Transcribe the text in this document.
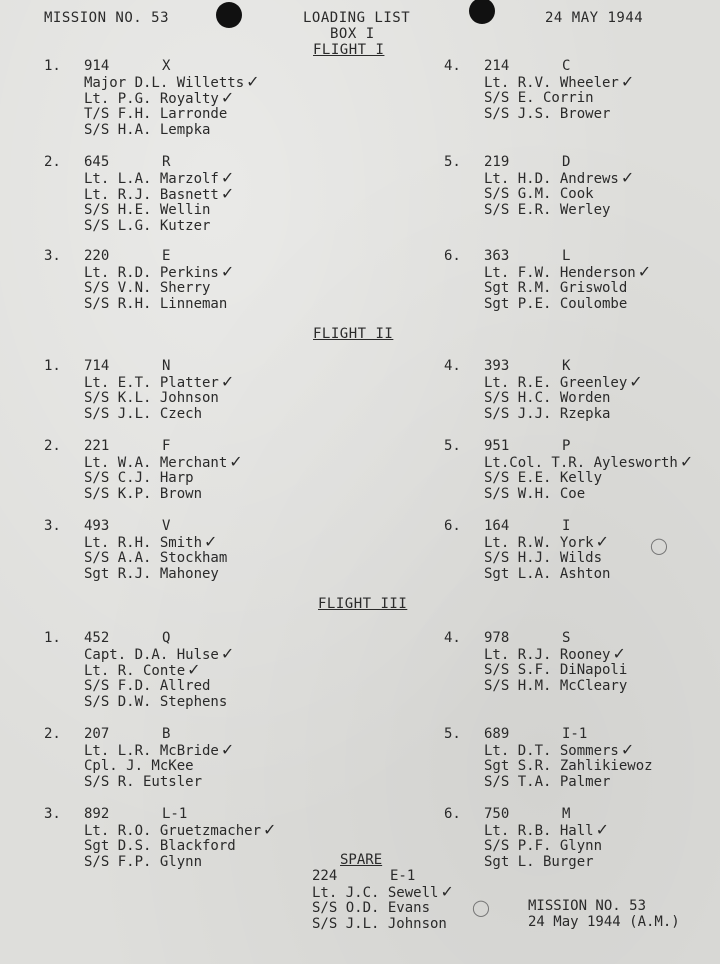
MISSION NO. 53	LOADING LIST
BOX I
24 MAY 1944
FLIGHT I
FLIGHT II
FLIGHT III
1.	914	X
Major D.L. Willetts ✓
Lt. P.G. Royalty ✓
T/S F.H. Larronde
S/S H.A. Lempka
2.	645	R
Lt. L.A. Marzolf ✓
Lt. R.J. Basnett ✓
S/S H.E. Wellin
S/S L.G. Kutzer
3.	220	E
Lt. R.D. Perkins ✓
S/S V.N. Sherry
S/S R.H. Linneman
4.	214	C
Lt. R.V. Wheeler ✓
S/S E. Corrin
S/S J.S. Brower
5.	219	D
Lt. H.D. Andrews ✓
S/S G.M. Cook
S/S E.R. Werley
6.	363	L
Lt. F.W. Henderson ✓
Sgt R.M. Griswold
Sgt P.E. Coulombe
1.	714	N
Lt. E.T. Platter ✓
S/S K.L. Johnson
S/S J.L. Czech
2.	221	F
Lt. W.A. Merchant ✓
S/S C.J. Harp
S/S K.P. Brown
3.	493	V
Lt. R.H. Smith ✓
S/S A.A. Stockham
Sgt R.J. Mahoney
4.	393	K
Lt. R.E. Greenley ✓
S/S H.C. Worden
S/S J.J. Rzepka
5.	951	P
Lt.Col. T.R. Aylesworth ✓
S/S E.E. Kelly
S/S W.H. Coe
6.	164	I
Lt. R.W. York ✓
S/S H.J. Wilds
Sgt L.A. Ashton
1.	452	Q
Capt. D.A. Hulse ✓
Lt. R. Conte ✓
S/S F.D. Allred
S/S D.W. Stephens
2.	207	B
Lt. L.R. McBride ✓
Cpl. J. McKee
S/S R. Eutsler
3.	892	L-1
Lt. R.O. Gruetzmacher ✓
Sgt D.S. Blackford
S/S F.P. Glynn
4.	978	S
Lt. R.J. Rooney ✓
S/S S.F. DiNapoli
S/S H.M. McCleary
5.	689	I-1
Lt. D.T. Sommers ✓
Sgt S.R. Zahlikiewoz
S/S T.A. Palmer
6.	750	M
Lt. R.B. Hall ✓
S/S P.F. Glynn
Sgt L. Burger
SPARE
224	E-1
Lt. J.C. Sewell ✓
S/S O.D. Evans
S/S J.L. Johnson
MISSION NO. 53
24 May 1944 (A.M.)
◯
◯
